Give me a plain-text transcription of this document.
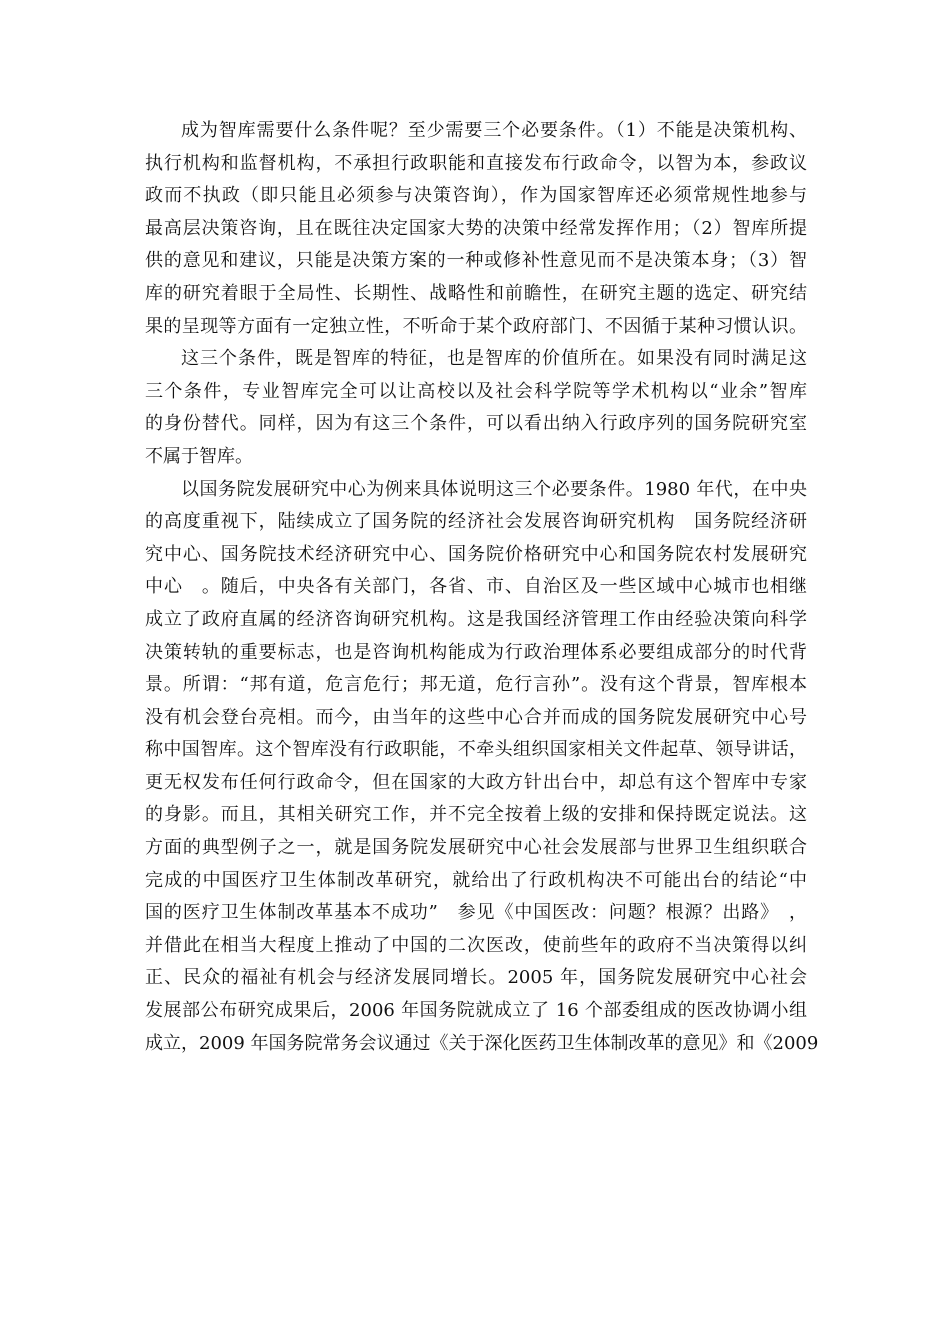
成为智库需要什么条件呢？至少需要三个必要条件。（1）不能是决策机构、
执行机构和监督机构，不承担行政职能和直接发布行政命令，以智为本，参政议
政而不执政（即只能且必须参与决策咨询），作为国家智库还必须常规性地参与
最高层决策咨询，且在既往决定国家大势的决策中经常发挥作用；（2）智库所提
供的意见和建议，只能是决策方案的一种或修补性意见而不是决策本身；（3）智
库的研究着眼于全局性、长期性、战略性和前瞻性，在研究主题的选定、研究结
果的呈现等方面有一定独立性，不听命于某个政府部门、不因循于某种习惯认识。
这三个条件，既是智库的特征，也是智库的价值所在。如果没有同时满足这
三个条件，专业智库完全可以让高校以及社会科学院等学术机构以“业余”智库
的身份替代。同样，因为有这三个条件，可以看出纳入行政序列的国务院研究室
不属于智库。
以国务院发展研究中心为例来具体说明这三个必要条件。1980 年代，在中央
的高度重视下，陆续成立了国务院的经济社会发展咨询研究机构　国务院经济研
究中心、国务院技术经济研究中心、国务院价格研究中心和国务院农村发展研究
中心　。随后，中央各有关部门，各省、市、自治区及一些区域中心城市也相继
成立了政府直属的经济咨询研究机构。这是我国经济管理工作由经验决策向科学
决策转轨的重要标志，也是咨询机构能成为行政治理体系必要组成部分的时代背
景。所谓：“邦有道，危言危行；邦无道，危行言孙”。没有这个背景，智库根本
没有机会登台亮相。而今，由当年的这些中心合并而成的国务院发展研究中心号
称中国智库。这个智库没有行政职能，不牵头组织国家相关文件起草、领导讲话，
更无权发布任何行政命令，但在国家的大政方针出台中，却总有这个智库中专家
的身影。而且，其相关研究工作，并不完全按着上级的安排和保持既定说法。这
方面的典型例子之一，就是国务院发展研究中心社会发展部与世界卫生组织联合
完成的中国医疗卫生体制改革研究，就给出了行政机构决不可能出台的结论“中
国的医疗卫生体制改革基本不成功”　参见《中国医改：问题？根源？出路》　，
并借此在相当大程度上推动了中国的二次医改，使前些年的政府不当决策得以纠
正、民众的福祉有机会与经济发展同增长。2005 年，国务院发展研究中心社会
发展部公布研究成果后，2006 年国务院就成立了 16 个部委组成的医改协调小组
成立，2009 年国务院常务会议通过《关于深化医药卫生体制改革的意见》和《2009
